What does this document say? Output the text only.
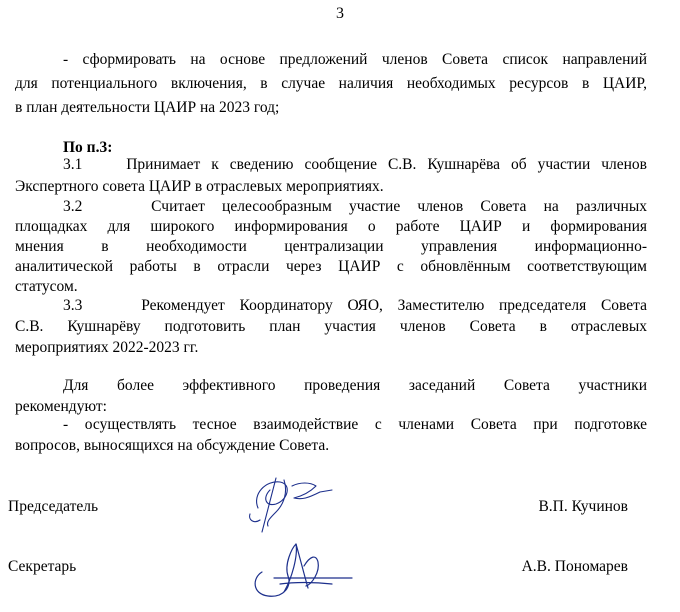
3
- сформировать на основе предложений членов Совета список направлений
для потенциального включения, в случае наличия необходимых ресурсов в ЦАИР,
в план деятельности ЦАИР на 2023 год;
По п.3:
3.1    Принимает к сведению сообщение С.В. Кушнарёва об участии членов
Экспертного совета ЦАИР в отраслевых мероприятиях.
3.2    Считает целесообразным участие членов Совета на различных
площадках для широкого информирования о работе ЦАИР и формирования
мнения в необходимости централизации управления информационно-
аналитической работы в отрасли через ЦАИР с обновлённым соответствующим
статусом.
3.3    Рекомендует Координатору ОЯО, Заместителю председателя Совета
С.В. Кушнарёву подготовить план участия членов Совета в отраслевых
мероприятиях 2022-2023 гг.
Для более эффективного проведения заседаний Совета участники
рекомендуют:
- осуществлять тесное взаимодействие с членами Совета при подготовке
вопросов, выносящихся на обсуждение Совета.
Председатель	В.П. Кучинов
Секретарь	А.В. Пономарев
